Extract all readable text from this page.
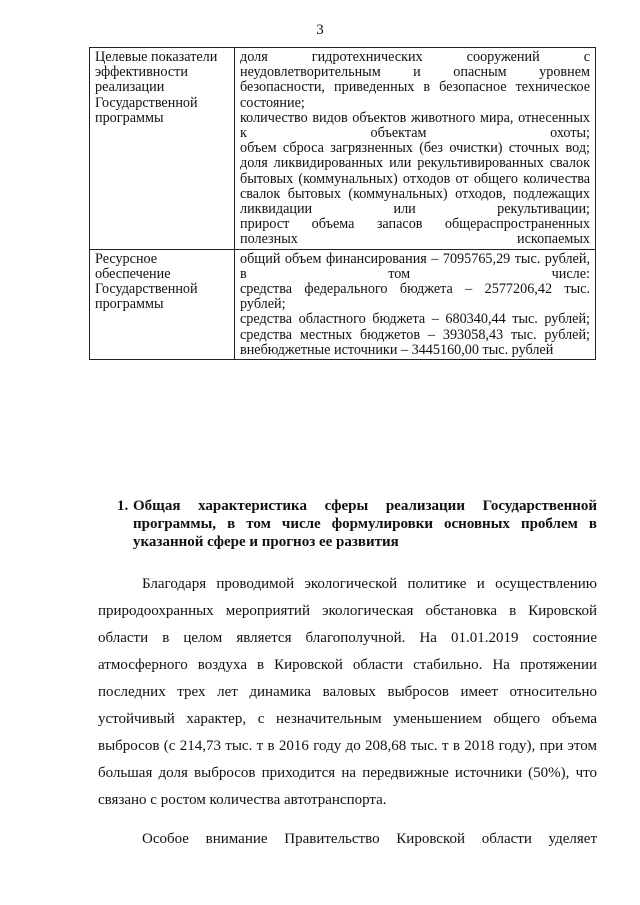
3
Целевые показатели эффективности реализации Государственной программы	доля гидротехнических сооружений с неудовлетворительным и опасным уровнем безопасности, приведенных в безопасное техническое состояние;

количество видов объектов животного мира, отнесенных к объектам охоты;

объем сброса загрязненных (без очистки) сточных вод;

доля ликвидированных или рекультивированных свалок бытовых (коммунальных) отходов от общего количества свалок бытовых (коммунальных) отходов, подлежащих ликвидации или рекультивации;

прирост объема запасов общераспространенных полезных ископаемых

Ресурсное обеспечение Государственной программы	общий объем финансирования – 7095765,29 тыс. рублей, в том числе:

средства федерального бюджета – 2577206,42 тыс. рублей;

средства областного бюджета – 680340,44 тыс. рублей;

средства местных бюджетов – 393058,43 тыс. рублей;

внебюджетные источники – 3445160,00 тыс. рублей

1. Общая характеристика сферы реализации Государственной программы, в том числе формулировки основных проблем в указанной сфере и прогноз ее развития

Благодаря проводимой экологической политике и осуществлению природоохранных мероприятий экологическая обстановка в Кировской области в целом является благополучной. На 01.01.2019 состояние атмосферного воздуха в Кировской области стабильно. На протяжении последних трех лет динамика валовых выбросов имеет относительно устойчивый характер, с незначительным уменьшением общего объема выбросов (с 214,73 тыс. т в 2016 году до 208,68 тыс. т в 2018 году), при этом большая доля выбросов приходится на передвижные источники (50%), что связано с ростом количества автотранспорта.

Особое внимание Правительство Кировской области уделяет
